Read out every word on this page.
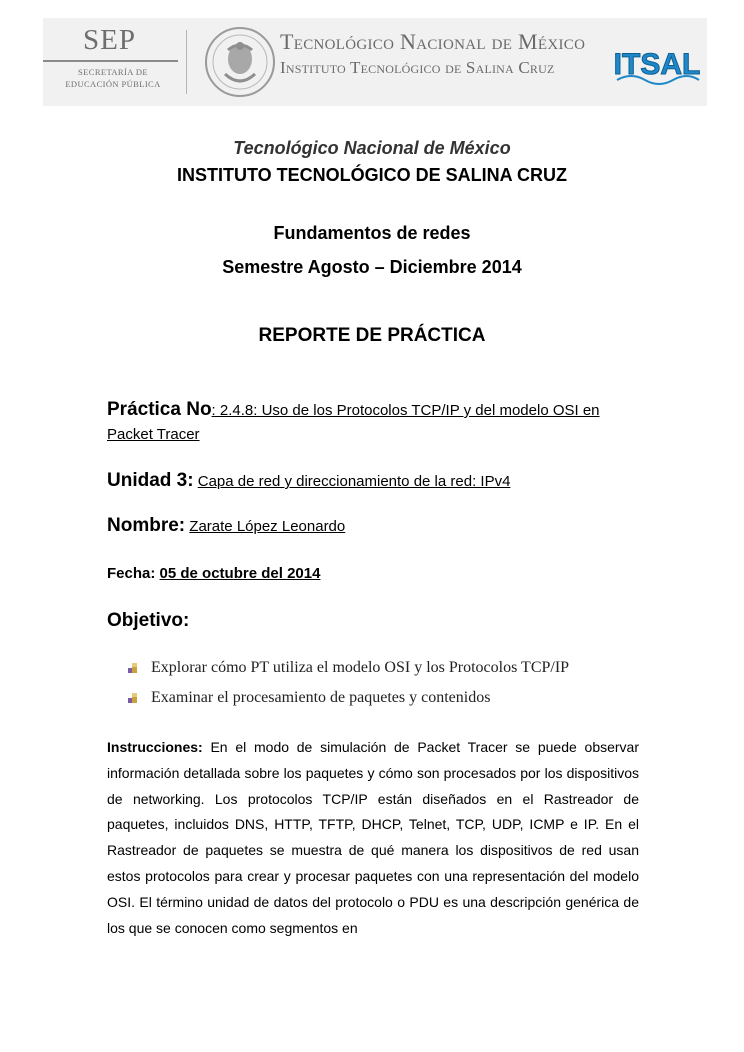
SEP
SECRETARÍA DE
EDUCACIÓN PÚBLICA
Tecnológico Nacional de México
Instituto Tecnológico de Salina Cruz ITSAL
Tecnológico Nacional de México
INSTITUTO TECNOLÓGICO DE SALINA CRUZ
Fundamentos de redes
Semestre Agosto – Diciembre 2014
REPORTE DE PRÁCTICA
Práctica No: 2.4.8: Uso de los Protocolos TCP/IP y del modelo OSI en Packet Tracer
Unidad 3: Capa de red y direccionamiento de la red: IPv4
Nombre: Zarate López Leonardo
Fecha: 05 de octubre del 2014
Objetivo:
Explorar cómo PT utiliza el modelo OSI y los Protocolos TCP/IP
Examinar el procesamiento de paquetes y contenidos
Instrucciones: En el modo de simulación de Packet Tracer se puede observar información detallada sobre los paquetes y cómo son procesados por los dispositivos de networking. Los protocolos TCP/IP están diseñados en el Rastreador de paquetes, incluidos DNS, HTTP, TFTP, DHCP, Telnet, TCP, UDP, ICMP e IP. En el Rastreador de paquetes se muestra de qué manera los dispositivos de red usan estos protocolos para crear y procesar paquetes con una representación del modelo OSI. El término unidad de datos del protocolo o PDU es una descripción genérica de los que se conocen como segmentos en
